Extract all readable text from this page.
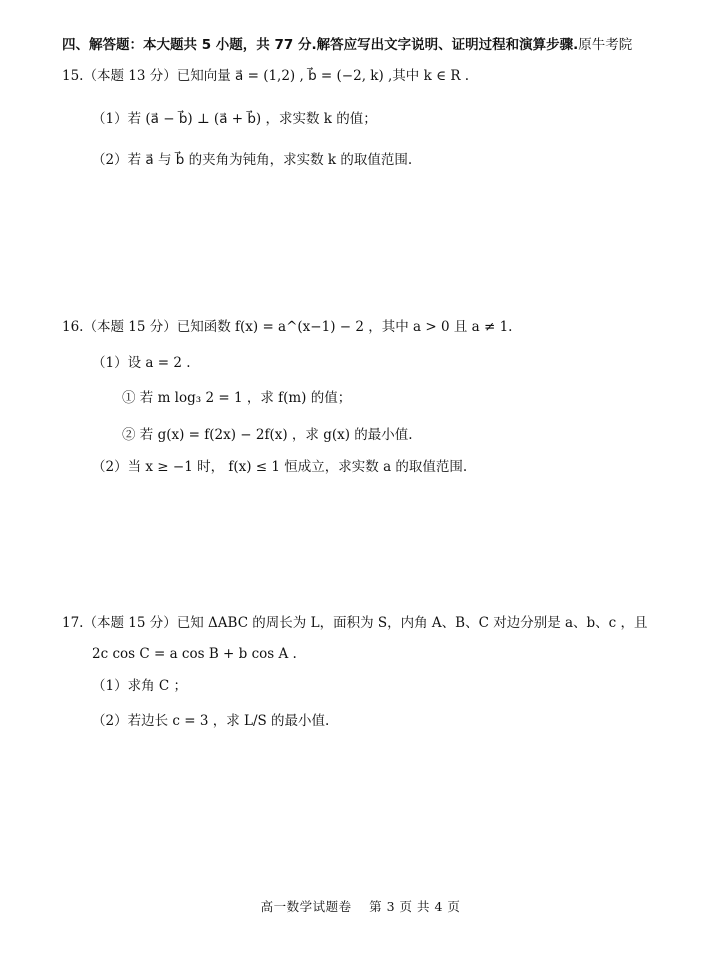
四、解答题：本大题共 5 小题，共 77 分.解答应写出文字说明、证明过程和演算步骤.原牛考院
15.（本题 13 分）已知向量 a⃗ = (1,2) , b⃗ = (−2, k) ,其中 k ∈ R .
（1）若 (a⃗ − b⃗) ⊥ (a⃗ + b⃗) ，求实数 k 的值；
（2）若 a⃗ 与 b⃗ 的夹角为钝角，求实数 k 的取值范围.
16.（本题 15 分）已知函数 f(x) = a^(x−1) − 2 ，其中 a > 0 且 a ≠ 1.
（1）设 a = 2 .
① 若 m log₃ 2 = 1 ，求 f(m) 的值；
② 若 g(x) = f(2x) − 2f(x) ，求 g(x) 的最小值.
（2）当 x ≥ −1 时， f(x) ≤ 1 恒成立，求实数 a 的取值范围.
17.（本题 15 分）已知 ΔABC 的周长为 L，面积为 S，内角 A、B、C 对边分别是 a、b、c ，且
2c cos C = a cos B + b cos A .
（1）求角 C ；
（2）若边长 c = 3 ，求 L/S 的最小值.
高一数学试题卷　 第 3 页 共 4 页
